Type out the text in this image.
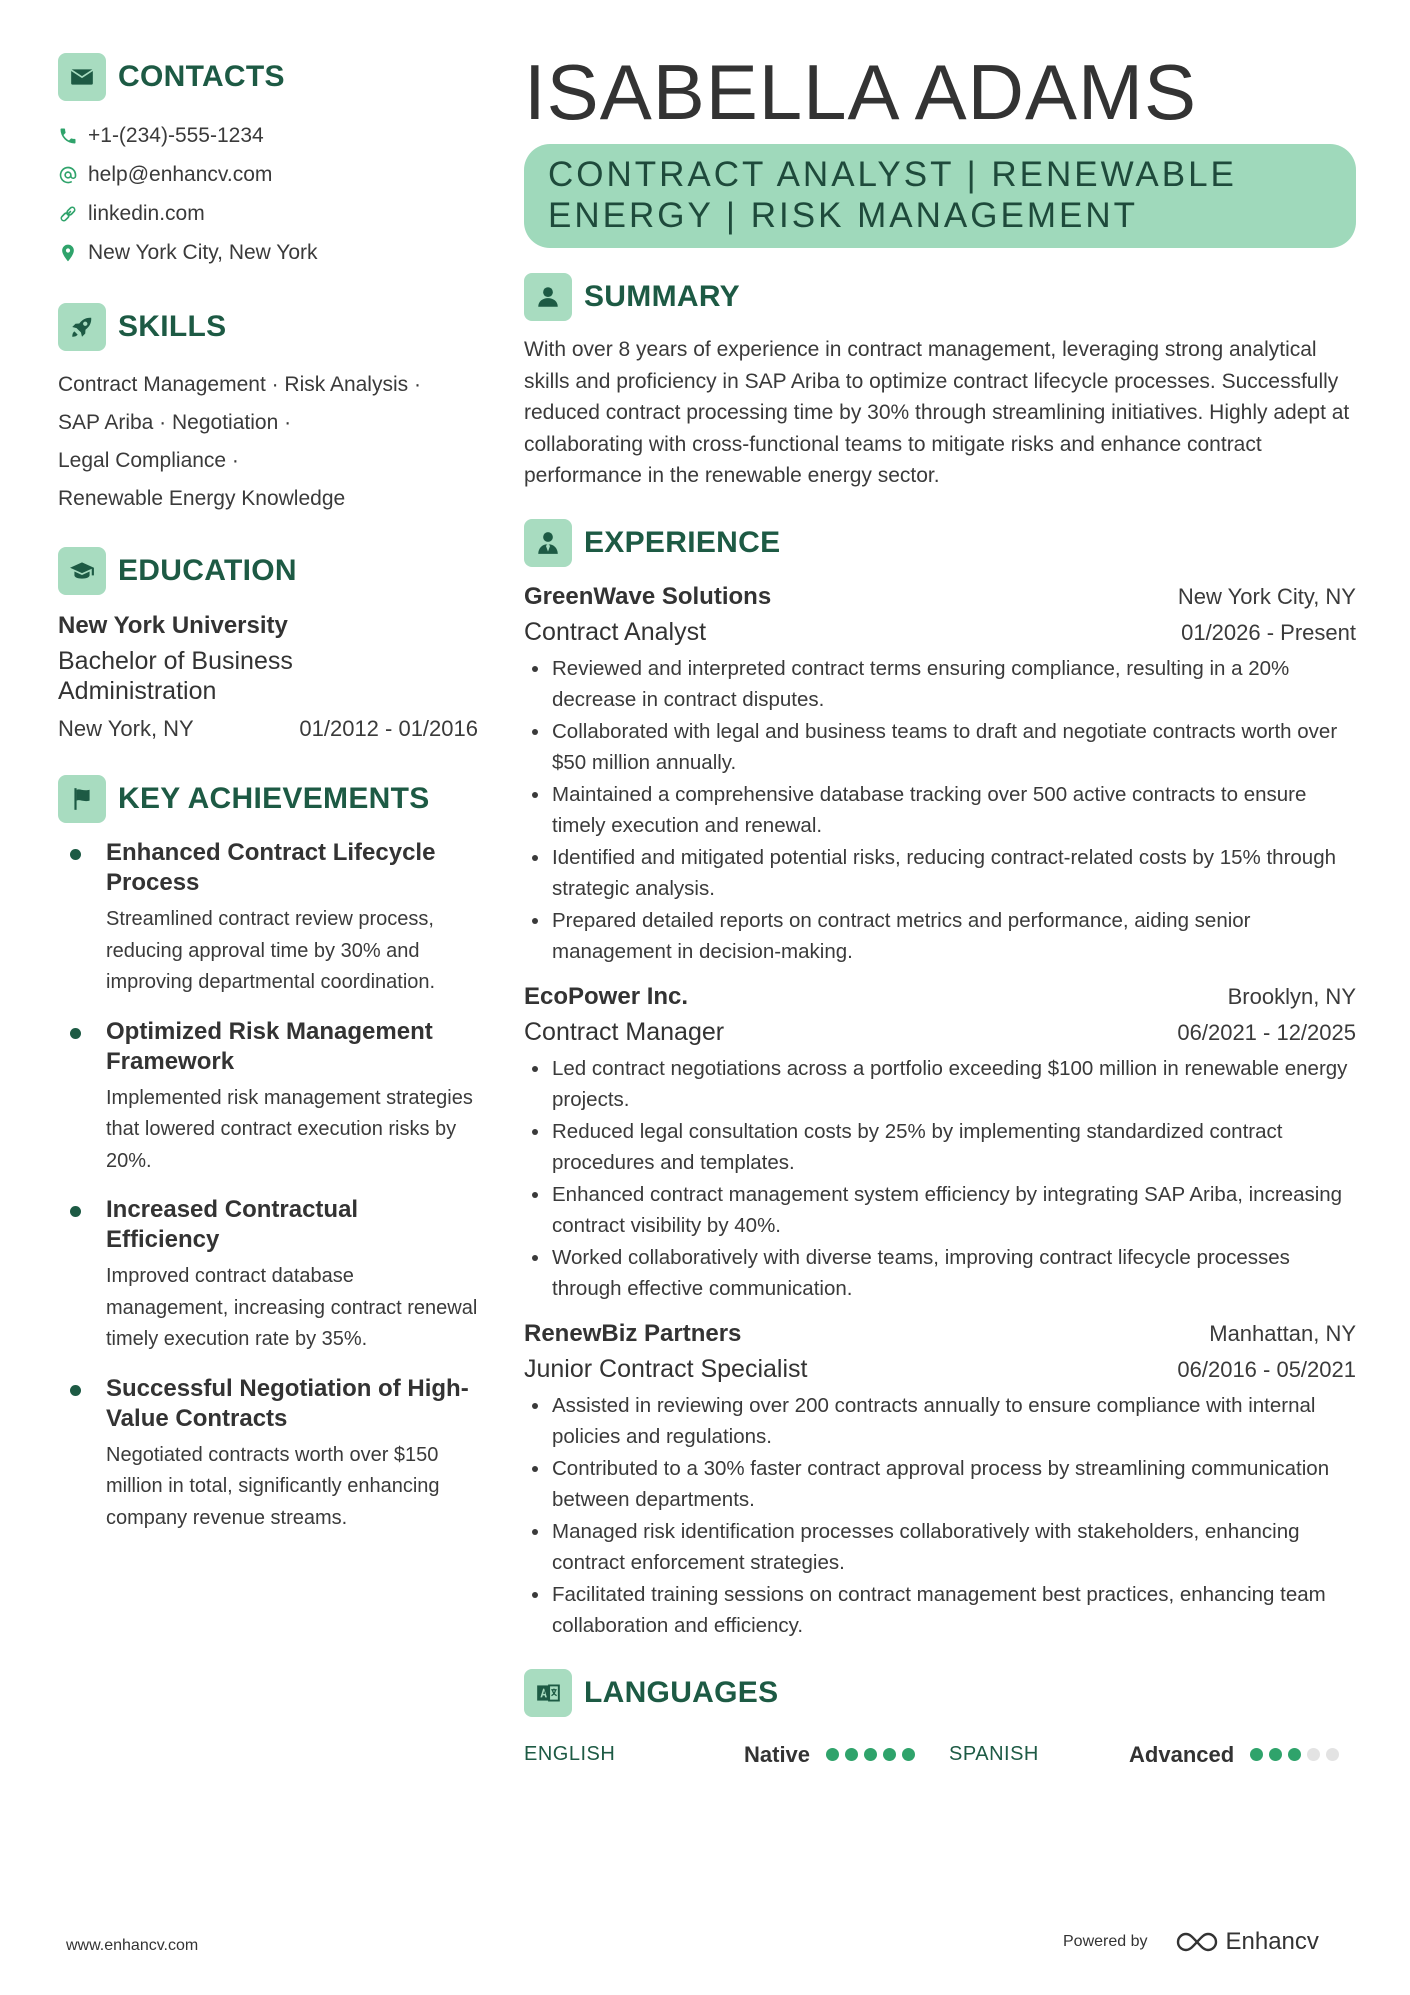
CONTACTS
+1-(234)-555-1234
help@enhancv.com
linkedin.com
New York City, New York
SKILLS
Contract Management · Risk Analysis ·
SAP Ariba · Negotiation ·
Legal Compliance ·
Renewable Energy Knowledge
EDUCATION
New York University
Bachelor of Business
Administration
New York, NY	01/2012 - 01/2016
KEY ACHIEVEMENTS
Enhanced Contract Lifecycle Process
Streamlined contract review process, reducing approval time by 30% and improving departmental coordination.
Optimized Risk Management Framework
Implemented risk management strategies that lowered contract execution risks by 20%.
Increased Contractual Efficiency
Improved contract database management, increasing contract renewal timely execution rate by 35%.
Successful Negotiation of High-Value Contracts
Negotiated contracts worth over $150 million in total, significantly enhancing company revenue streams.
ISABELLA ADAMS
CONTRACT ANALYST | RENEWABLE
ENERGY | RISK MANAGEMENT
SUMMARY
With over 8 years of experience in contract management, leveraging strong analytical skills and proficiency in SAP Ariba to optimize contract lifecycle processes. Successfully reduced contract processing time by 30% through streamlining initiatives. Highly adept at collaborating with cross-functional teams to mitigate risks and enhance contract performance in the renewable energy sector.
EXPERIENCE
GreenWave Solutions	New York City, NY
Contract Analyst	01/2026 - Present
Reviewed and interpreted contract terms ensuring compliance, resulting in a 20% decrease in contract disputes.
Collaborated with legal and business teams to draft and negotiate contracts worth over $50 million annually.
Maintained a comprehensive database tracking over 500 active contracts to ensure timely execution and renewal.
Identified and mitigated potential risks, reducing contract-related costs by 15% through strategic analysis.
Prepared detailed reports on contract metrics and performance, aiding senior management in decision-making.
EcoPower Inc.	Brooklyn, NY
Contract Manager	06/2021 - 12/2025
Led contract negotiations across a portfolio exceeding $100 million in renewable energy projects.
Reduced legal consultation costs by 25% by implementing standardized contract procedures and templates.
Enhanced contract management system efficiency by integrating SAP Ariba, increasing contract visibility by 40%.
Worked collaboratively with diverse teams, improving contract lifecycle processes through effective communication.
RenewBiz Partners	Manhattan, NY
Junior Contract Specialist	06/2016 - 05/2021
Assisted in reviewing over 200 contracts annually to ensure compliance with internal policies and regulations.
Contributed to a 30% faster contract approval process by streamlining communication between departments.
Managed risk identification processes collaboratively with stakeholders, enhancing contract enforcement strategies.
Facilitated training sessions on contract management best practices, enhancing team collaboration and efficiency.
LANGUAGES
ENGLISH	Native	SPANISH	Advanced
www.enhancv.com	Powered by	Enhancv
